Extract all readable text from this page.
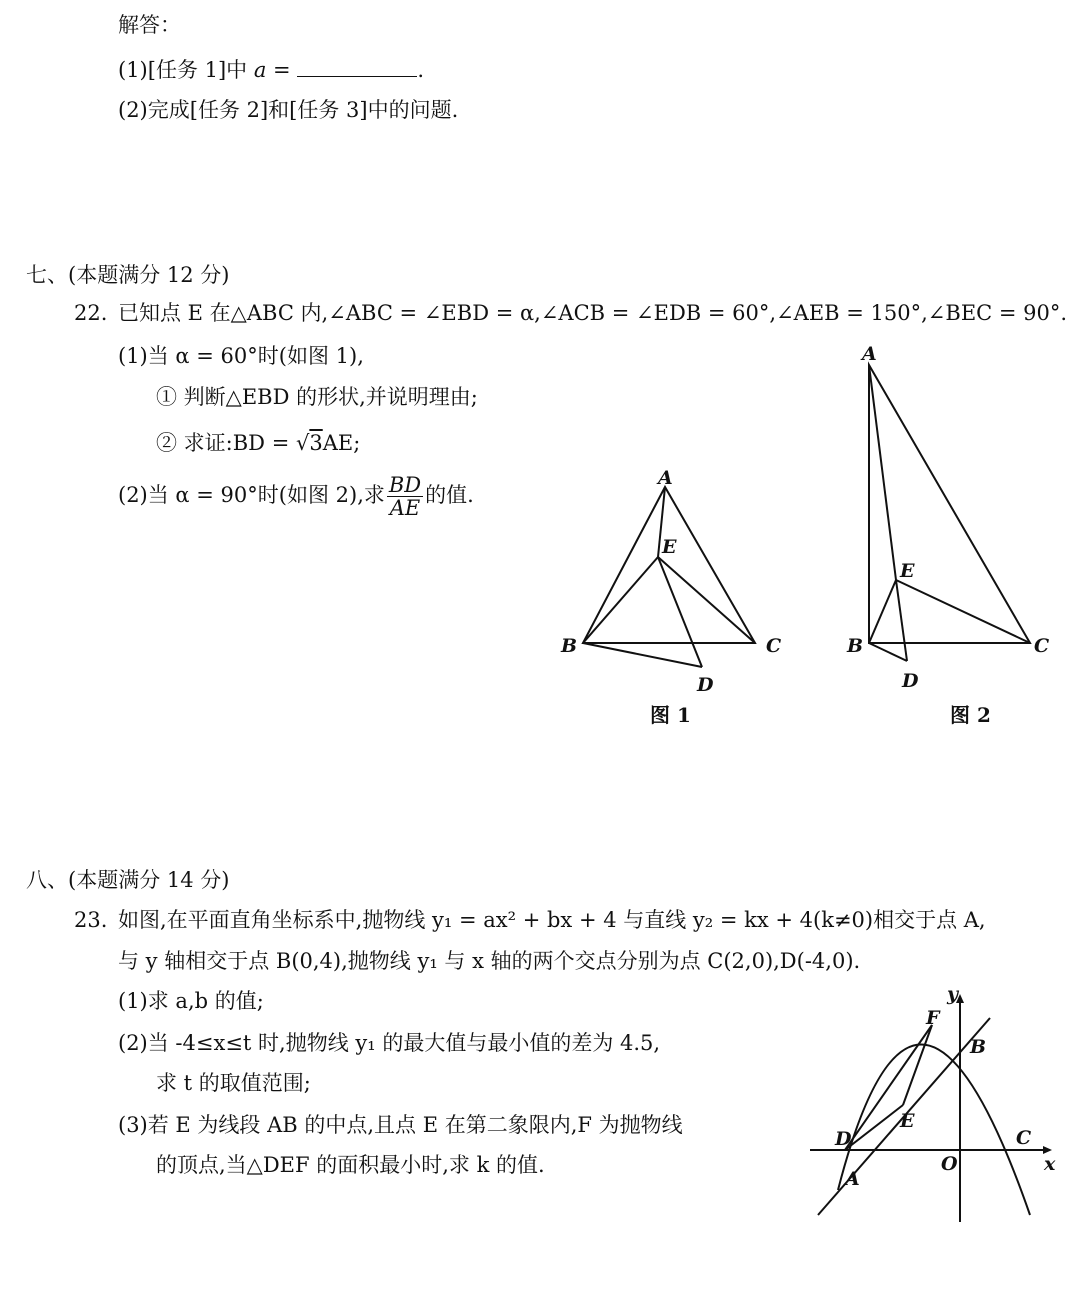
解答：
(1)[任务 1]中 a =	.
(2)完成[任务 2]和[任务 3]中的问题.
七、(本题满分 12 分)
22. 已知点 E 在△ABC 内,∠ABC = ∠EBD = α,∠ACB = ∠EDB = 60°,∠AEB = 150°,∠BEC = 90°.
(1)当 α = 60°时(如图 1),
① 判断△EBD 的形状,并说明理由;
② 求证:BD = √3AE;
(2)当 α = 90°时(如图 2),求 $\frac{BD}{AE}$ 的值.
A
E
B	C
D
图 1
A
E
B	C
D
图 2
y
x
O
B
C
D
A
E
F
八、(本题满分 14 分)
23. 如图,在平面直角坐标系中,抛物线 y₁ = ax² + bx + 4 与直线 y₂ = kx + 4(k≠0)相交于点 A,
与 y 轴相交于点 B(0,4),抛物线 y₁ 与 x 轴的两个交点分别为点 C(2,0),D(-4,0).
(1)求 a,b 的值;
(2)当 -4≤x≤t 时,抛物线 y₁ 的最大值与最小值的差为 4.5,
求 t 的取值范围;
(3)若 E 为线段 AB 的中点,且点 E 在第二象限内,F 为抛物线
的顶点,当△DEF 的面积最小时,求 k 的值.
